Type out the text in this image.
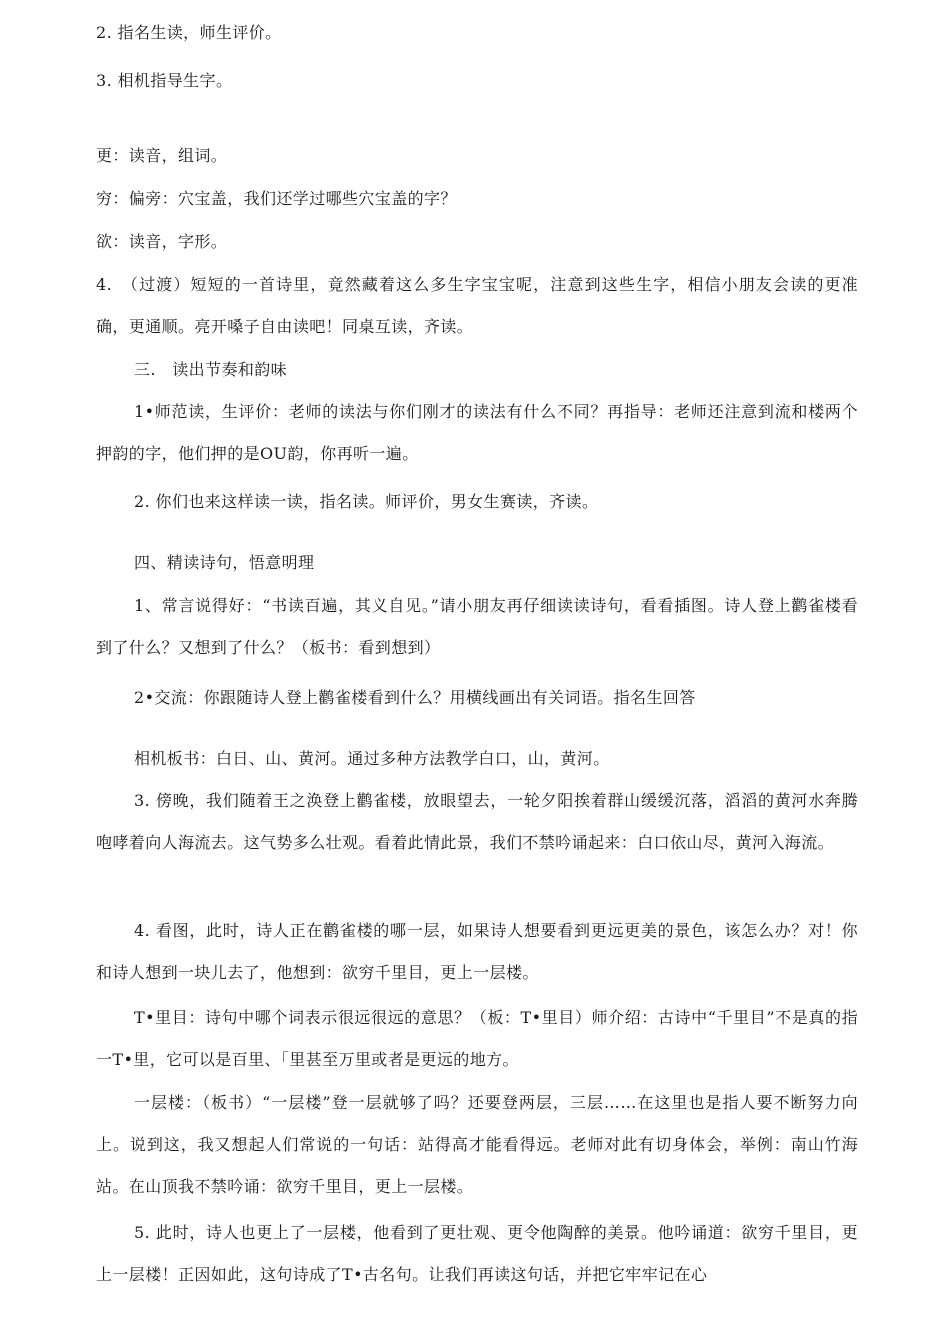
2. 指名生读，师生评价。

3. 相机指导生字。

更：读音，组词。

穷：偏旁：穴宝盖，我们还学过哪些穴宝盖的字？

欲：读音，字形。

4.　（过渡）短短的一首诗里，竟然藏着这么多生字宝宝呢，注意到这些生字，相信小朋友会读的更准确，更通顺。亮开嗓子自由读吧！同桌互读，齐读。

三.　读出节奏和韵味

1•师范读，生评价：老师的读法与你们刚才的读法有什么不同？再指导：老师还注意到流和楼两个押韵的字，他们押的是OU韵，你再听一遍。

2. 你们也来这样读一读，指名读。师评价，男女生赛读，齐读。

四、精读诗句，悟意明理

1、常言说得好：“书读百遍，其义自见。”请小朋友再仔细读读诗句，看看插图。诗人登上鹳雀楼看到了什么？又想到了什么？（板书：看到想到）

2•交流：你跟随诗人登上鹳雀楼看到什么？用横线画出有关词语。指名生回答

相机板书：白日、山、黄河。通过多种方法教学白口，山，黄河。

3. 傍晚，我们随着王之涣登上鹳雀楼，放眼望去，一轮夕阳挨着群山缓缓沉落，滔滔的黄河水奔腾咆哮着向人海流去。这气势多么壮观。看着此情此景，我们不禁吟诵起来：白口依山尽，黄河入海流。

4. 看图，此时，诗人正在鹳雀楼的哪一层，如果诗人想要看到更远更美的景色，该怎么办？对！你和诗人想到一块儿去了，他想到：欲穷千里目，更上一层楼。

T•里目：诗句中哪个词表示很远很远的意思？（板：T•里目）师介绍：古诗中“千里目”不是真的指一T•里，它可以是百里、「里甚至万里或者是更远的地方。

一层楼：（板书）“一层楼”登一层就够了吗？还要登两层，三层……在这里也是指人要不断努力向上。说到这，我又想起人们常说的一句话：站得高才能看得远。老师对此有切身体会，举例：南山竹海站。在山顶我不禁吟诵：欲穷千里目，更上一层楼。

5. 此时，诗人也更上了一层楼，他看到了更壮观、更令他陶醉的美景。他吟诵道：欲穷千里目，更上一层楼！正因如此，这句诗成了T•古名句。让我们再读这句话，并把它牢牢记在心
